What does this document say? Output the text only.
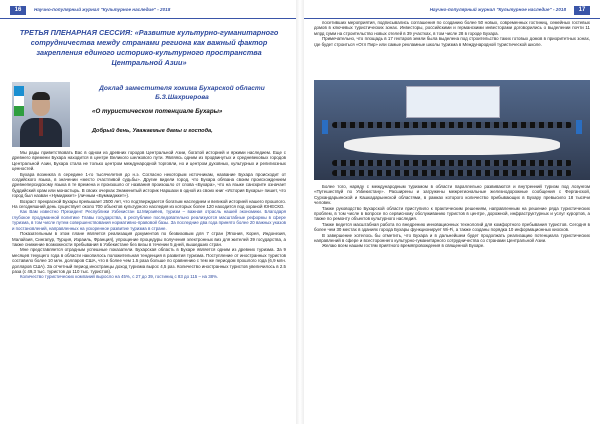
16	Научно-популярный журнал "Культурное наследие" - 2018
ТРЕТЬЯ ПЛЕНАРНАЯ СЕССИЯ: «Развитие культурно-гуманитарного сотрудничества между странами региона как важный фактор закрепления единого историко-культурного пространства Центральной Азии»
Доклад заместителя хокима Бухарской области Б.З.Шахриерова
«О туристическом потенциале Бухары»
Добрый день, Уважаемые дамы и господа,

Мы рады приветствовать Вас в одном из древних городов Центральной Азии, богатой историей и яркими наследием. Еще с древнего времени Бухара находится в центре Великого шелкового пути. Являясь одним из продвинутых и средневековых городов Центральной Азии, Бухара стала не только центром международной торговли, но и центром духовных, культурных и религиозных ценностей.

Бухара возникла в середине 1-го тысячелетия до н.э. Согласно некоторым источникам, название Бухара происходит от согдийского языка, в значении «место счастливой судьбы». Другие видели город, что Бухара обязана своим происхождением древнеперсидскому языка в те времена и произошло от названия произошло от слова «Бухара», что на языке санскрите означает буддийский храм или монастырь. В своих очерках Знаменитый историк Наршахи в одной из своих книг «История Бухары» пишет, что город был назван «Нумиджкет» (личным «Буммиджкет»).

Возраст прекрасной Бухары превышает 2500 лет, что подтверждается богатым наследием и великой историей нашего прошлого. На сегодняшний день существует около 700 объектов культурного наследия из которых более 120 находится под охраной ЮНЕСКО.

Как Вам известно Президент Республики Узбекистан Ш.Мирзиёев, туризм – важная отрасль нашей экономики. Благодаря глубокое продуманной политике Главы государства, в республике последовательно реализуются масштабные реформы в сфере туризма, в том числе путем совершенствования нормативно-правовой базы. За последние два года принято более 20 важных указов и постановлений, направленных на ускоренное развитие туризма в стране.

Показательным в этом плане является реализация документов по безвизовым для 7 стран (Япония, Корея, Индонезия, Малайзия, Сингапур, Турция, Израиль, Франция), упрощение процедуры получения электронных виз для жителей 39 государства, а также снижение возможности пребывания в Узбекистане без визы в течении 5 дней, вышедших стран.

Мне представляется отрадным успешные показатели. Бухарская область в Бухаре является одним из древних туризма. За 9 месяцев текущего года в области накопилось положительная тенденция в развития туризма. Поступление от иностранных туристов составило более 10 млн. долларов США, что в более чем 1.5 раза больше по сравнению с тем же периодом прошлого года (6,9 млн. долларов США). За отчетный период иностранцы доход туризма вырос 4,5 раз. Количество иностранных туристов увеличилось в 2.5 раза (с 49,3 тыс. туристов до 110 тыс. туристов).

Количество туристических компаний выросло на 45%, с 27 до 39, гостиниц с 83 до 115 – на 38%.

Научно-популярный журнал "Культурное наследие" - 2018	17

посетивших мероприятия, подписывались соглашения по созданию более 50 новых, современных гостиниц, семейных гостевых домов в ключевых туристических зонах. Инвесторы, российскими и германскими инвесторами договорились о выделении почти 11 млрд сумм на строительство новых отелей в 39 участках, в том числе 28 в городе Бухара.

Примечательно, что площадь в 17 гектаров земли была выделена под строительство таких готовых домов в приоритетных зонах, где будет строиться «Отл Пир» или самые рекламные школы туризма в Международной туристической школе.

Более того, наряду с международным туризмом в области параллельно развиваются и внутренний туризм под лозунгом «Путешествуй по Узбекистану». Расширены и загружены межрегиональные железнодорожные сообщения с Ферганской, Сурхандарьинской и Кашкадарьинской областями, в рамках которого количество прибывающих в Бухару превысило 18 тысячи человек.

Также руководство Бухарской области приступило к практическим решениям, направленным на решение ряда туристических проблем, в том числе в вопросе по сервисному обслуживанию туристов в центре, дорожной, инфраструктурных и услуг курортов, а также по ремонту объектов культурного наследия.

Также ведется масштабная работа по внедрению инновационных технологий для комфортного пребывания туристов. Сегодня в более чем 30 местах в зданиях города Бухары функционирует Wi-Fi, а также созданы порядка 10 информационных киосков.

В завершение хотелось бы отметить, что Бухара и в дальнейшем будет продолжать реализацию потенциала туристических направлений в сфере и всестороннего культурно-гуманитарного сотрудничества со странами Центральной Азии.

Желаю всем нашим гостям приятного времяпровождения в священной Бухаре.
